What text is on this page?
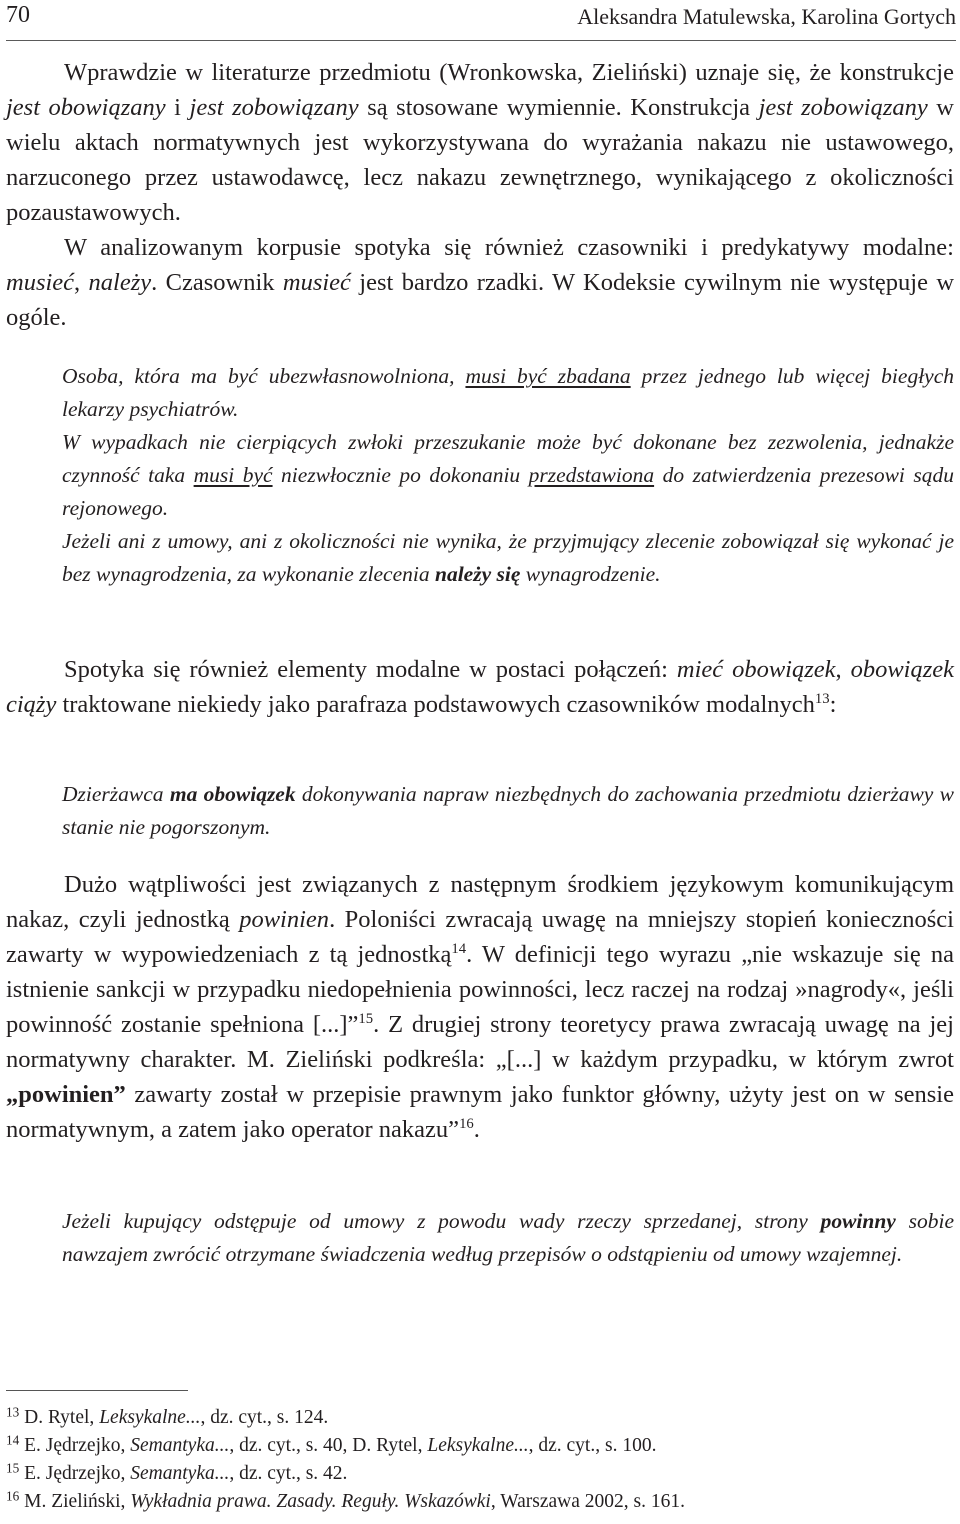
70	Aleksandra Matulewska, Karolina Gortych

Wprawdzie w literaturze przedmiotu (Wronkowska, Zieliński) uznaje się, że konstrukcje jest obowiązany i jest zobowiązany są stosowane wymiennie. Konstrukcja jest zobowiązany w wielu aktach normatywnych jest wykorzystywana do wyrażania nakazu nie ustawowego, narzuconego przez ustawodawcę, lecz nakazu zewnętrznego, wynikającego z okoliczności pozaustawowych.

W analizowanym korpusie spotyka się również czasowniki i predykatywy modalne: musieć, należy. Czasownik musieć jest bardzo rzadki. W Kodeksie cywilnym nie występuje w ogóle.

Osoba, która ma być ubezwłasnowolniona, musi być zbadana przez jednego lub więcej biegłych lekarzy psychiatrów.

W wypadkach nie cierpiących zwłoki przeszukanie może być dokonane bez zezwolenia, jednakże czynność taka musi być niezwłocznie po dokonaniu przedstawiona do zatwierdzenia prezesowi sądu rejonowego.

Jeżeli ani z umowy, ani z okoliczności nie wynika, że przyjmujący zlecenie zobowiązał się wykonać je bez wynagrodzenia, za wykonanie zlecenia należy się wynagrodzenie.

Spotyka się również elementy modalne w postaci połączeń: mieć obowiązek, obowiązek ciąży traktowane niekiedy jako parafraza podstawowych czasowników modalnych$^{13}$:

Dzierżawca ma obowiązek dokonywania napraw niezbędnych do zachowania przedmiotu dzierżawy w stanie nie pogorszonym.

Dużo wątpliwości jest związanych z następnym środkiem językowym komunikującym nakaz, czyli jednostką powinien. Poloniści zwracają uwagę na mniejszy stopień konieczności zawarty w wypowiedzeniach z tą jednostką$^{14}$. W definicji tego wyrazu „nie wskazuje się na istnienie sankcji w przypadku niedopełnienia powinności, lecz raczej na rodzaj »nagrody«, jeśli powinność zostanie spełniona [...]”$^{15}$. Z drugiej strony teoretycy prawa zwracają uwagę na jej normatywny charakter. M. Zieliński podkreśla: „[...] w każdym przypadku, w którym zwrot „powinien” zawarty został w przepisie prawnym jako funktor główny, użyty jest on w sensie normatywnym, a zatem jako operator nakazu”$^{16}$.

Jeżeli kupujący odstępuje od umowy z powodu wady rzeczy sprzedanej, strony powinny sobie nawzajem zwrócić otrzymane świadczenia według przepisów o odstąpieniu od umowy wzajemnej.

$^{13}$ D. Rytel, Leksykalne..., dz. cyt., s. 124.
$^{14}$ E. Jędrzejko, Semantyka..., dz. cyt., s. 40, D. Rytel, Leksykalne..., dz. cyt., s. 100.
$^{15}$ E. Jędrzejko, Semantyka..., dz. cyt., s. 42.
$^{16}$ M. Zieliński, Wykładnia prawa. Zasady. Reguły. Wskazówki, Warszawa 2002, s. 161.
